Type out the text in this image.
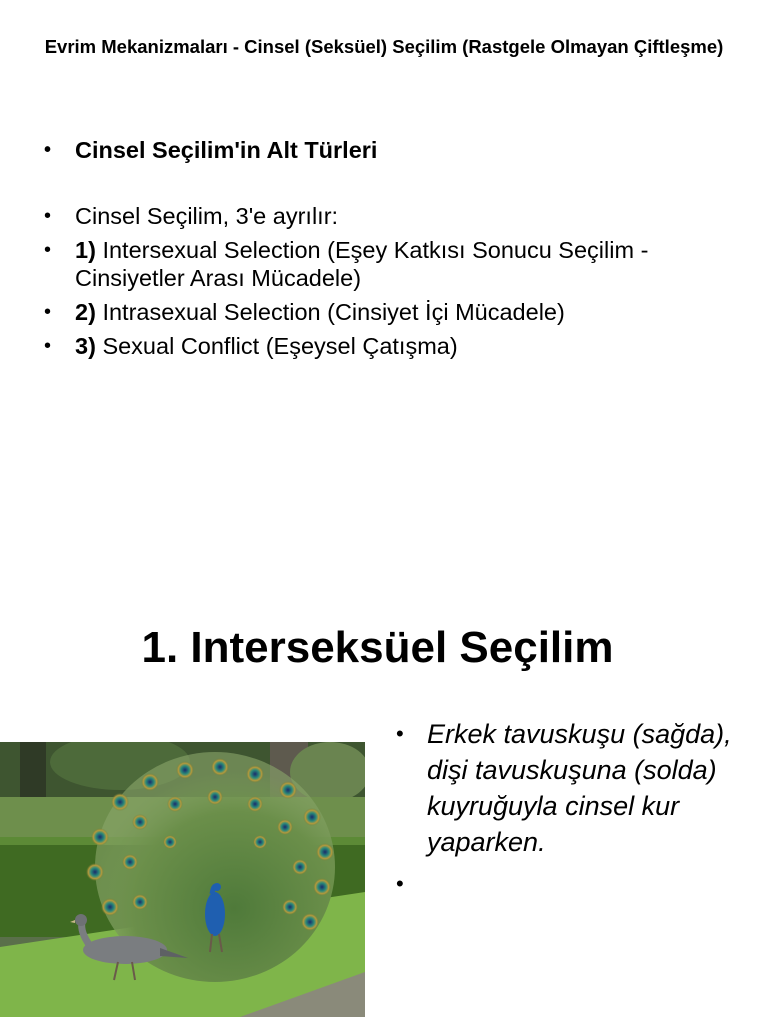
Evrim Mekanizmaları - Cinsel (Seksüel) Seçilim (Rastgele Olmayan Çiftleşme)
• Cinsel Seçilim'in Alt Türleri
• Cinsel Seçilim, 3'e ayrılır:
• 1) Intersexual Selection (Eşey Katkısı Sonucu Seçilim - Cinsiyetler Arası Mücadele)
• 2) Intrasexual Selection (Cinsiyet İçi Mücadele)
• 3) Sexual Conflict (Eşeysel Çatışma)
1. Interseksüel Seçilim
• Erkek tavuskuşu (sağda), dişi tavuskuşuna (solda) kuyruğuyla cinsel kur yaparken.
•
